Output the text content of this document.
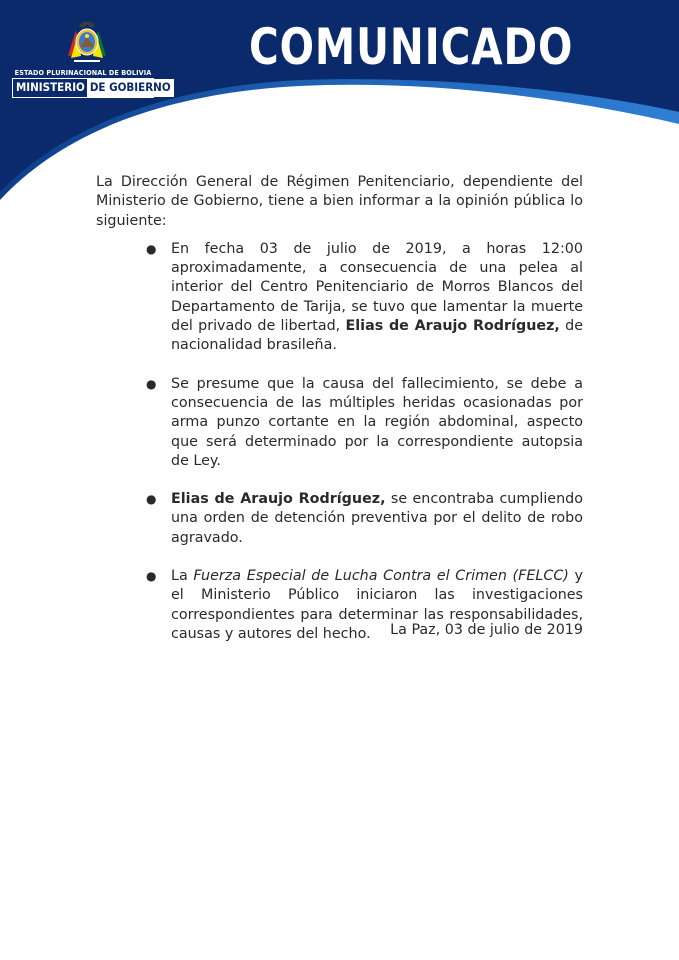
ESTADO PLURINACIONAL DE BOLIVIA
MINISTERIO DE GOBIERNO
COMUNICADO

La Dirección General de Régimen Penitenciario, dependiente del Ministerio de Gobierno, tiene a bien informar a la opinión pública lo siguiente:

● En fecha 03 de julio de 2019, a horas 12:00 aproximadamente, a consecuencia de una pelea al interior del Centro Penitenciario de Morros Blancos del Departamento de Tarija, se tuvo que lamentar la muerte del privado de libertad, Elias de Araujo Rodríguez, de nacionalidad brasileña.

● Se presume que la causa del fallecimiento, se debe a consecuencia de las múltiples heridas ocasionadas por arma punzo cortante en la región abdominal, aspecto que será determinado por la correspondiente autopsia de Ley.

● Elias de Araujo Rodríguez, se encontraba cumpliendo una orden de detención preventiva por el delito de robo agravado.

● La Fuerza Especial de Lucha Contra el Crimen (FELCC) y el Ministerio Público iniciaron las investigaciones correspondientes para determinar las responsabilidades, causas y autores del hecho.	La Paz, 03 de julio de 2019
